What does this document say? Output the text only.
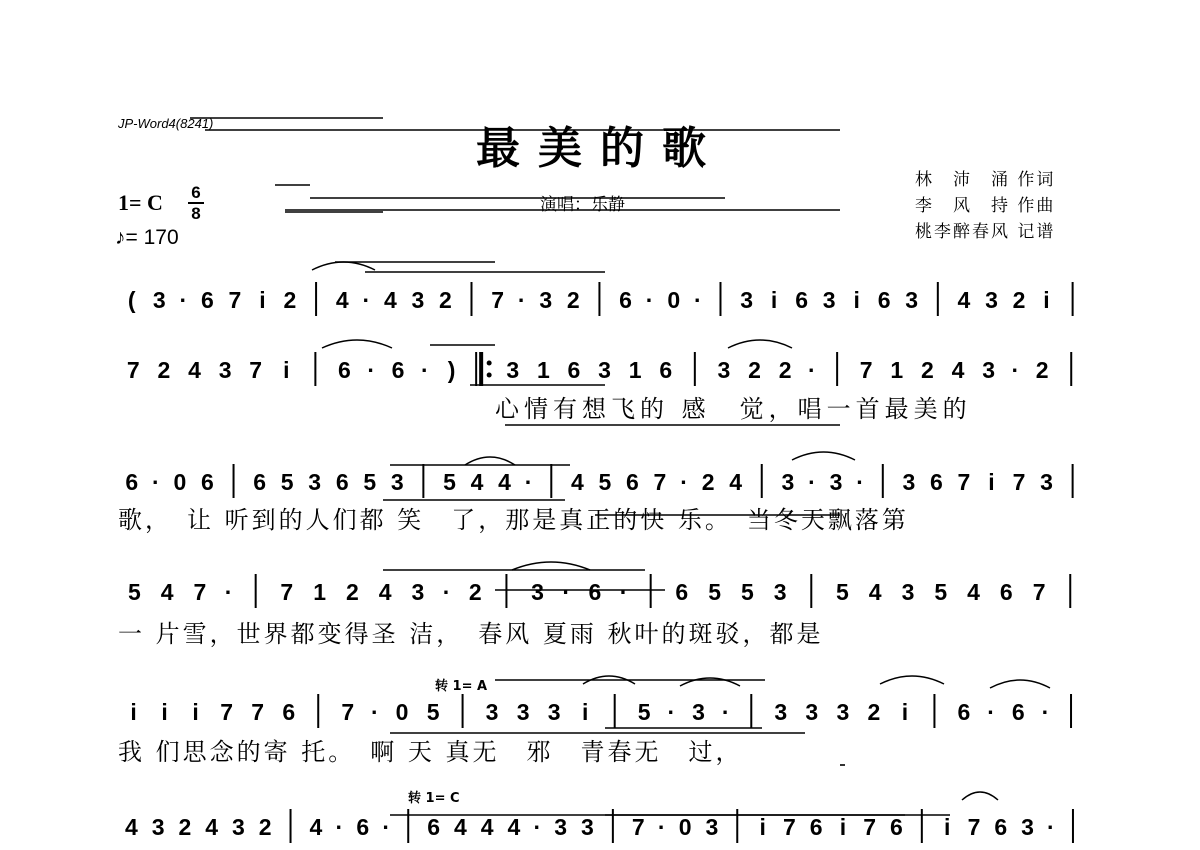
JP-Word4(8241)	最美的歌
演唱：乐静
林　沛　涌 作词
李　风　持 作曲
桃李醉春风 记谱
1= C 6
8
♪= 170
( 3 · 6 7 i 2 4 · 4 3 2 7 · 3 2 6 · 0 · 3 i 6 3 i 6 3 4 3 2 i
7 2 4 3 7 i 6 · 6 · ) 3 1 6 3 1 6 3 2 2 · 7 1 2 4 3 · 2
心情有想飞的 感　觉，唱一首最美的
6 · 0 6 6 5 3 6 5 3 5 4 4 · 4 5 6 7 · 2 4 3 · 3 · 3 6 7 i 7 3
歌，　让 听到的人们都 笑　了，那是真正的快 乐。　当冬天飘落第
5 4 7 · 7 1 2 4 3 · 2 3 · 6 · 6 5 5 3 5 4 3 5 4 6 7
一 片雪，世界都变得圣 洁，　春风 夏雨 秋叶的斑驳，都是
i i i 7 7 6 7 · 0 5 3 3 3 i 5 · 3 · 3 3 3 2 i 6 · 6 ·
我 们思念的寄 托。　啊 天 真无　邪　青春无　过，
4 3 2 4 3 2 4 · 6 · 6 4 4 4 · 3 3 7 · 0 3 i 7 6 i 7 6 i 7 6 3 ·
转 1= A
转 1= C
